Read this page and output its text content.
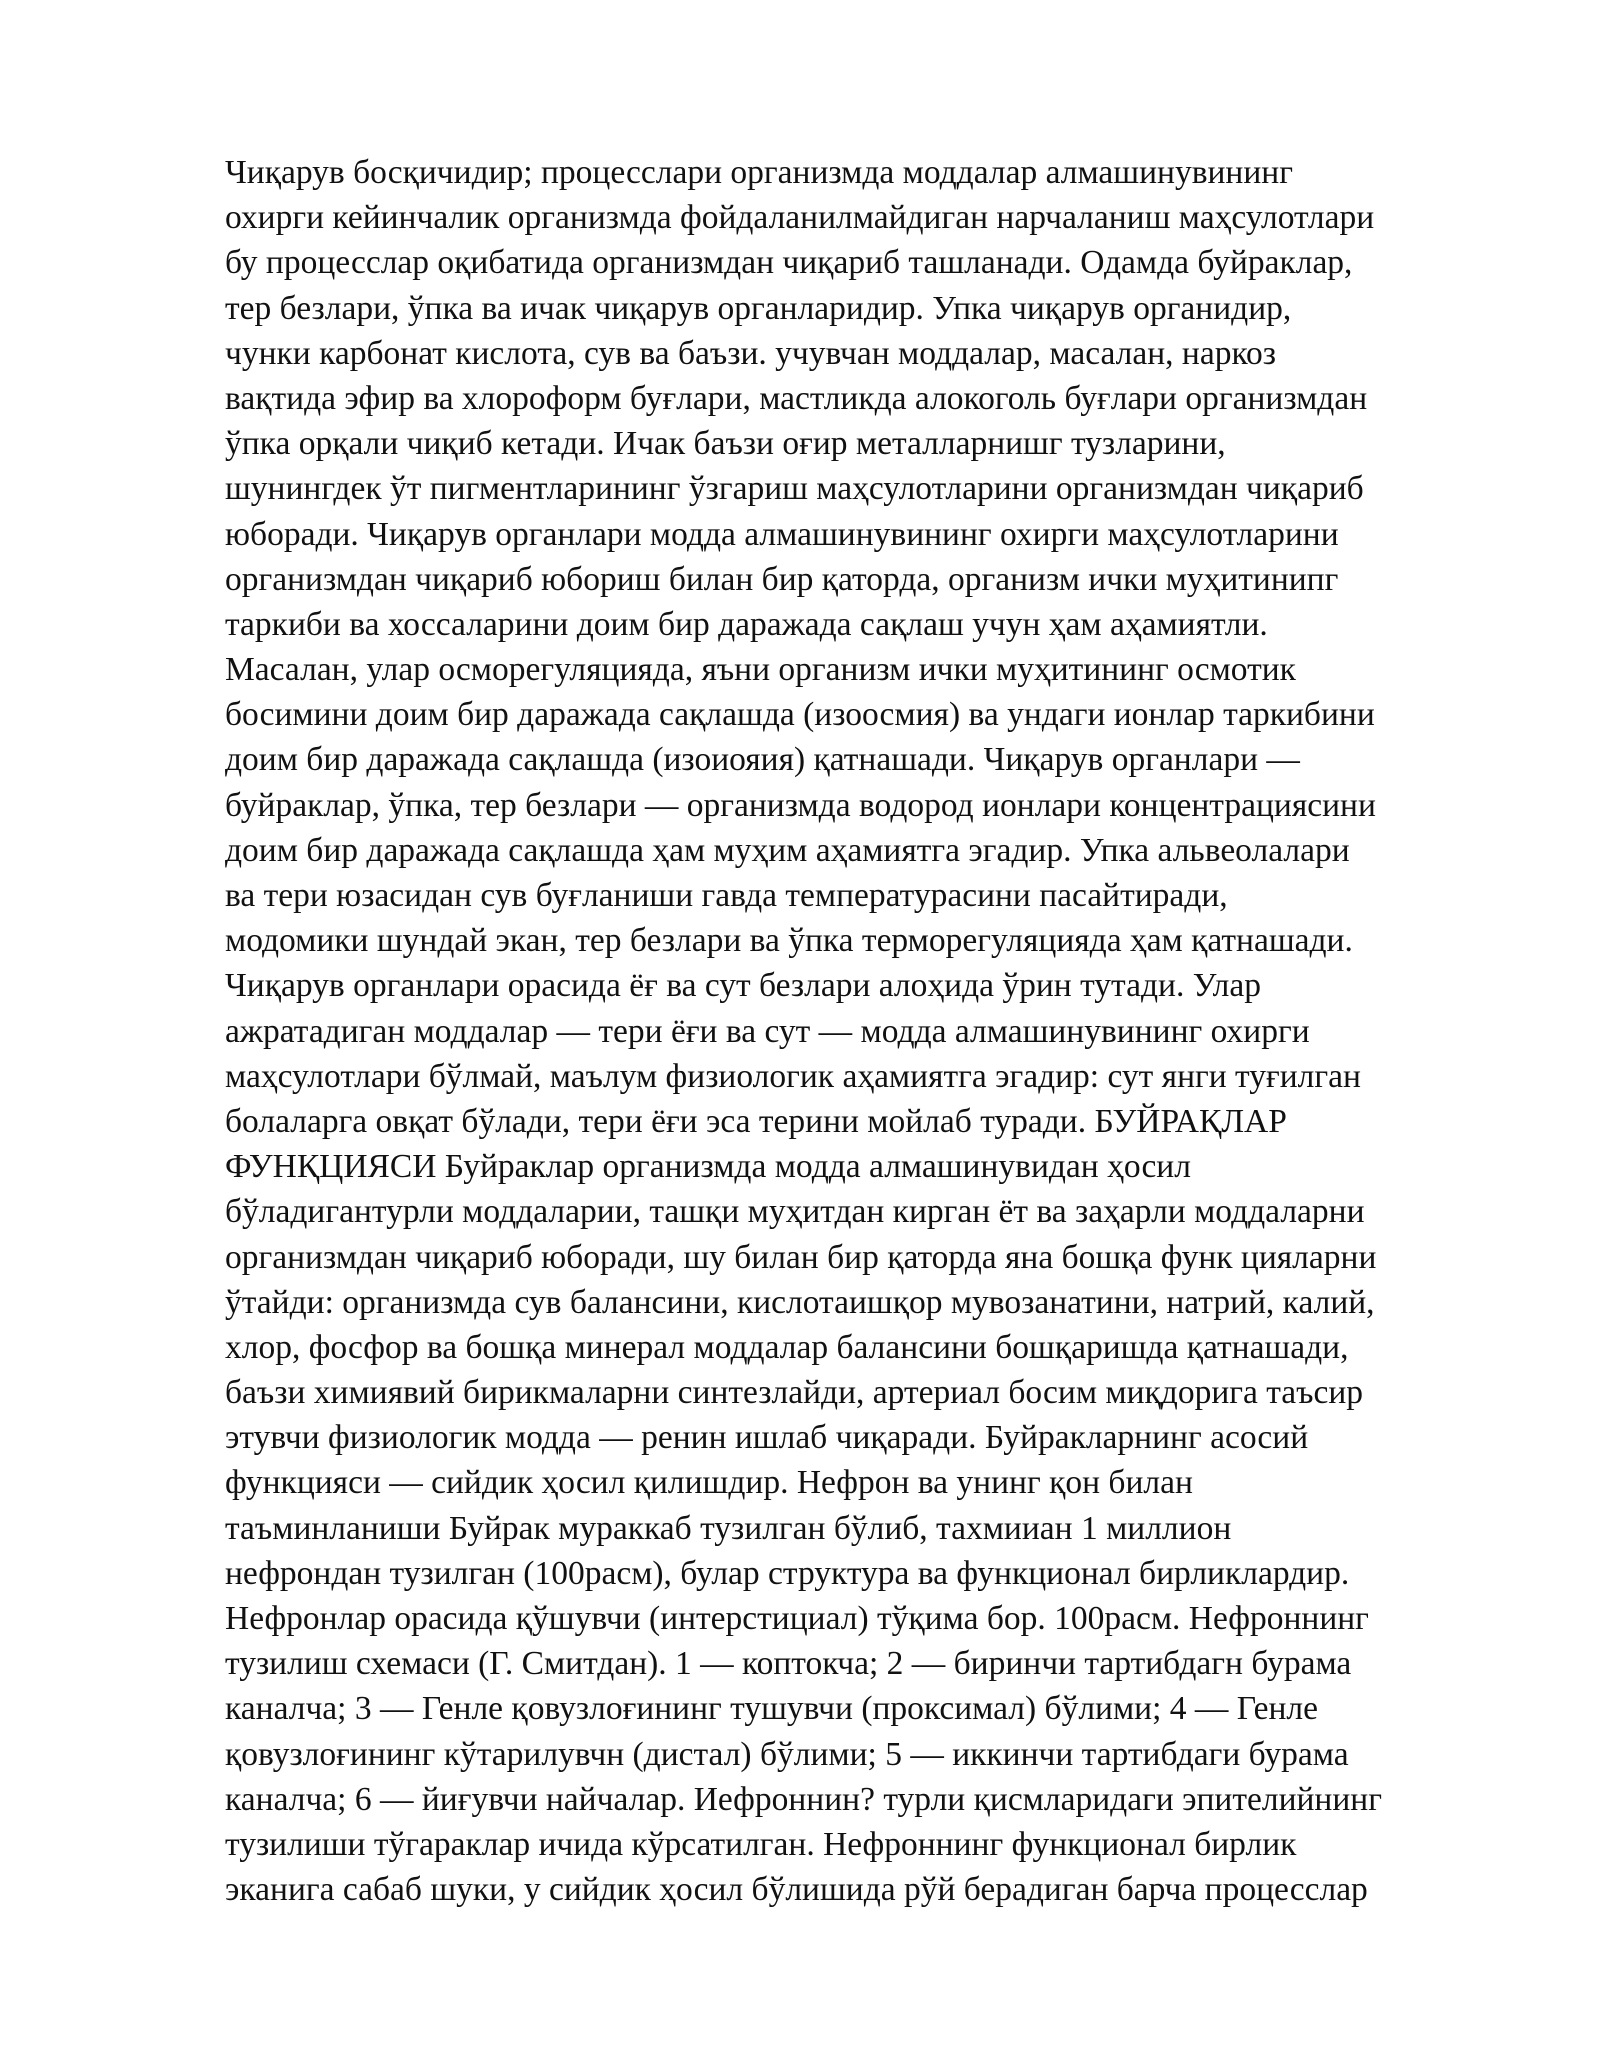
Чиқарув босқичидир; процесслари организмда моддалар алмашинувининг
охирги кейинчалик организмда фойдаланилмайдиган нарчаланиш маҳсулотлари
бу процесслар оқибатида организмдан чиқариб ташланади. Одамда буйраклар,
тер безлари, ўпка ва ичак чиқарув органларидир. Упка чиқарув органидир,
чунки карбонат кислота, сув ва баъзи. учувчан моддалар, масалан, наркоз
вақтида эфир ва хлороформ буғлари, мастликда алокоголь буғлари организмдан
ўпка орқали чиқиб кетади. Ичак баъзи оғир металларнишг тузларини,
шунингдек ўт пигментларининг ўзгариш маҳсулотларини организмдан чиқариб
юборади. Чиқарув органлари модда алмашинувининг охирги маҳсулотларини
организмдан чиқариб юбориш билан бир қаторда, организм ички муҳитинипг
таркиби ва хоссаларини доим бир даражада сақлаш учун ҳам аҳамиятли.
Масалан, улар осморегуляцияда, яъни организм ички муҳитининг осмотик
босимини доим бир даражада сақлашда (изоосмия) ва ундаги ионлар таркибини
доим бир даражада сақлашда (изоиояия) қатнашади. Чиқарув органлари —
буйраклар, ўпка, тер безлари — организмда водород ионлари концентрациясини
доим бир даражада сақлашда ҳам муҳим аҳамиятга эгадир. Упка альвеолалари
ва тери юзасидан сув буғланиши гавда температурасини пасайтиради,
модомики шундай экан, тер безлари ва ўпка терморегуляцияда ҳам қатнашади.
Чиқарув органлари орасида ёғ ва сут безлари алоҳида ўрин тутади. Улар
ажратадиган моддалар — тери ёғи ва сут — модда алмашинувининг охирги
маҳсулотлари бўлмай, маълум физиологик аҳамиятга эгадир: сут янги туғилган
болаларга овқат бўлади, тери ёғи эса терини мойлаб туради. БУЙРАҚЛАР
ФУНҚЦИЯСИ Буйраклар организмда модда алмашинувидан ҳосил
бўладигантурли моддаларии, ташқи муҳитдан кирган ёт ва заҳарли моддаларни
организмдан чиқариб юборади, шу билан бир қаторда яна бошқа функ цияларни
ўтайди: организмда сув балансини, кислотаишқор мувозанатини, натрий, калий,
хлор, фосфор ва бошқа минерал моддалар балансини бошқаришда қатнашади,
баъзи химиявий бирикмаларни синтезлайди, артериал босим миқдорига таъсир
этувчи физиологик модда — ренин ишлаб чиқаради. Буйракларнинг асосий
функцияси — сийдик ҳосил қилишдир. Нефрон ва унинг қон билан
таъминланиши Буйрак мураккаб тузилган бўлиб, тахмииан 1 миллион
нефрондан тузилган (100расм), булар структура ва функционал бирликлардир.
Нефронлар орасида қўшувчи (интерстициал) тўқима бор. 100расм. Нефроннинг
тузилиш схемаси (Г. Смитдан). 1 — коптокча; 2 — биринчи тартибдагн бурама
каналча; 3 — Генле қовузлоғининг тушувчи (проксимал) бўлими; 4 — Генле
қовузлоғининг кўтарилувчн (дистал) бўлими; 5 — иккинчи тартибдаги бурама
каналча; 6 — йиғувчи найчалар. Иефроннин? турли қисмларидаги эпителийнинг
тузилиши тўгараклар ичида кўрсатилган. Нефроннинг функционал бирлик
эканига сабаб шуки, у сийдик ҳосил бўлишида рўй берадиган барча процесслар
